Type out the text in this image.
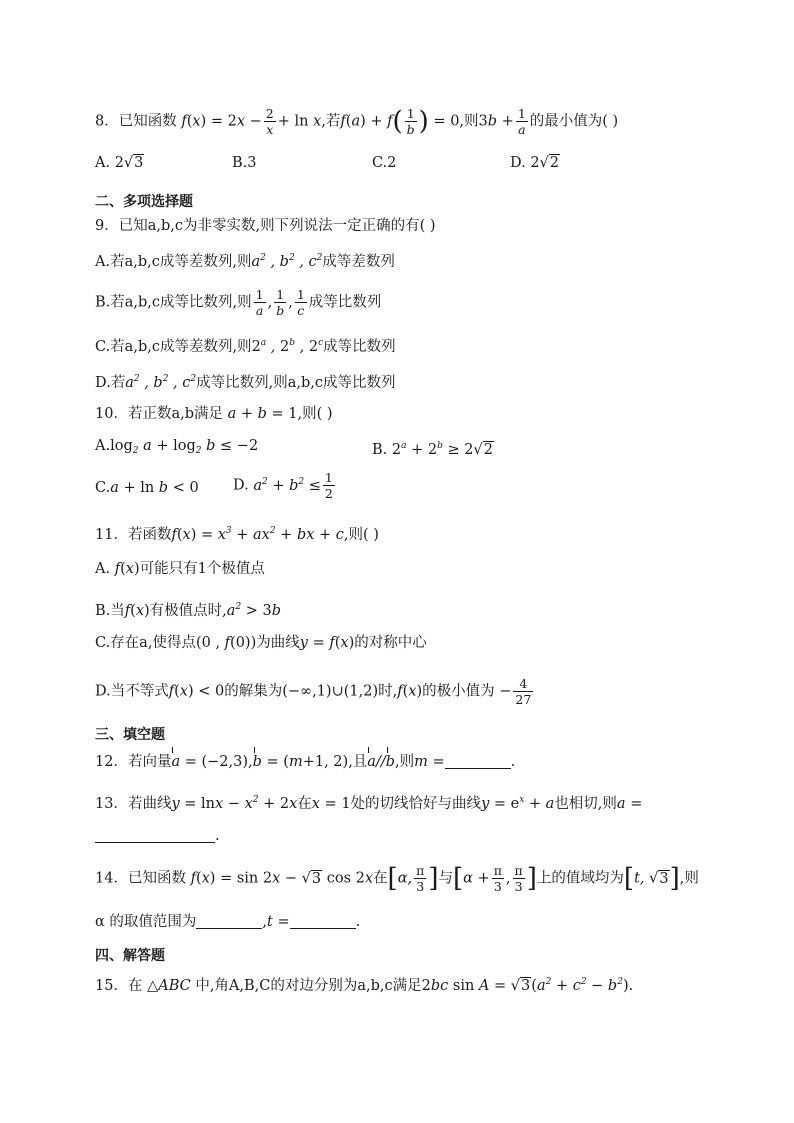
8．已知函数 $f(x) = 2x - \frac{2}{x} + \ln x$,若$f(a) + f( \frac{1}{b}$ ) = 0,则$3b + \frac{1}{a}$ 的最小值为( )
A. 2√3	B.3	C.2	D. 2√2
二、多项选择题
9．已知a,b,c为非零实数,则下列说法一定正确的有( )
A.若a,b,c成等差数列,则$a^2$ , $b^2$ , $c^2$成等差数列
B.若a,b,c成等比数列,则 $\frac{1}{a}$ , $\frac{1}{b}$ , $\frac{1}{c}$ 成等比数列
C.若a,b,c成等差数列,则2$^a$ , 2$^b$ , 2$^c$成等比数列
D.若$a^2$ , $b^2$ , $c^2$成等比数列,则a,b,c成等比数列
10．若正数a,b满足 a + b = 1,则( )
$A.\log_2$ $a + \log_2 b \le -2$	B. $2^a + 2^b \ge 2√2$
C.a + ln b < 0 D. $a^2 + b^2 \le \frac{1}{2}$
11．若函数$f(x) = x^3 + ax^2$ + bx + c,则( )
A. f(x)可能只有1个极值点
B.当f(x)有极值点时$,a^2 > 3b$
C.存在a,使得点(0 , f(0))为曲线y = f(x)的对称中心
D.当不等式f(x) < 0的解集为(−∞,1)∪(1,2)时,f(x)的极小值为 − $\frac{4}{27}$
三、填空题
12．若向量a = (−2,3),b = (m+1, 2),且a//b,则m =	.
13．若曲线$y = \ln x - x^2 + 2x$在x = 1处的切线恰好与曲线$y = e^x + a$也相切,则a =
.
14．已知函数 f(x) = sin 2x − √3 cos 2x在[α, $\frac{\pi}{3}$ ]与[$\alpha + \frac{\pi}{3}$ , $\frac{\pi}{3}$ ]上的值域均为[t, √3],则
α 的取值范围为	,t =	.
四、解答题
15．在 △ABC 中,角A,B,C的对边分别为a,b,c满足2bc $\sin A = √3(a^2 + c^2 - b^2)$.
